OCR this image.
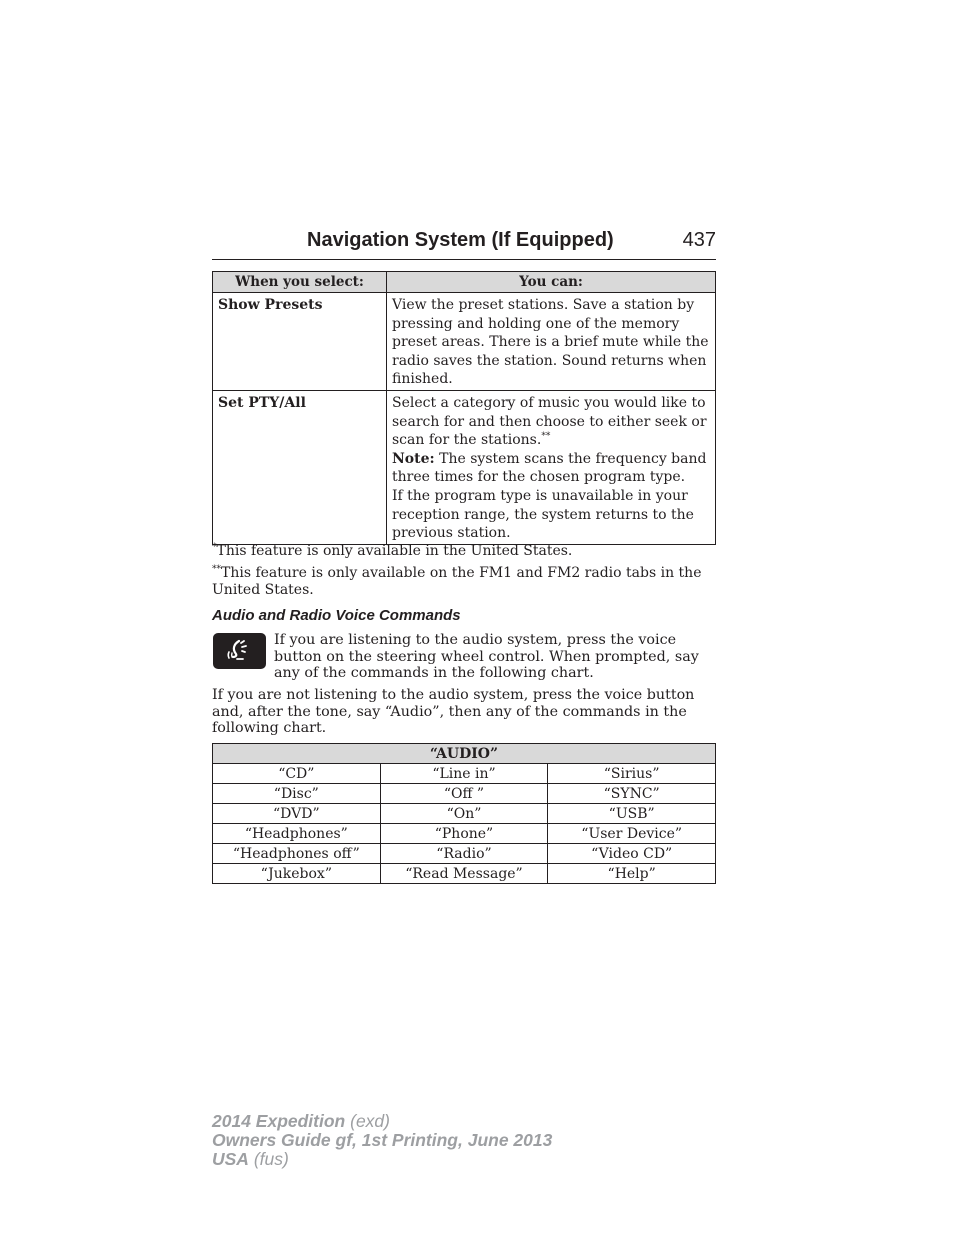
Navigation System (If Equipped)	437
When you select:	You can:
Show Presets	View the preset stations. Save a station by pressing and holding one of the memory preset areas. There is a brief mute while the radio saves the station. Sound returns when finished.
Set PTY/All	Select a category of music you would like to search for and then choose to either seek or scan for the stations.**
Note: The system scans the frequency band three times for the chosen program type.
If the program type is unavailable in your reception range, the system returns to the previous station.
*This feature is only available in the United States.
**This feature is only available on the FM1 and FM2 radio tabs in the United States.
Audio and Radio Voice Commands
If you are listening to the audio system, press the voice button on the steering wheel control. When prompted, say any of the commands in the following chart.
If you are not listening to the audio system, press the voice button and, after the tone, say “Audio”, then any of the commands in the following chart.
“AUDIO”		
“CD”	“Line in”	“Sirius”
“Disc”	“Off ”	“SYNC”
“DVD”	“On”	“USB”
“Headphones”	“Phone”	“User Device”
“Headphones off”	“Radio”	“Video CD”
“Jukebox”	“Read Message”	“Help”
2014 Expedition (exd)
Owners Guide gf, 1st Printing, June 2013
USA (fus)
